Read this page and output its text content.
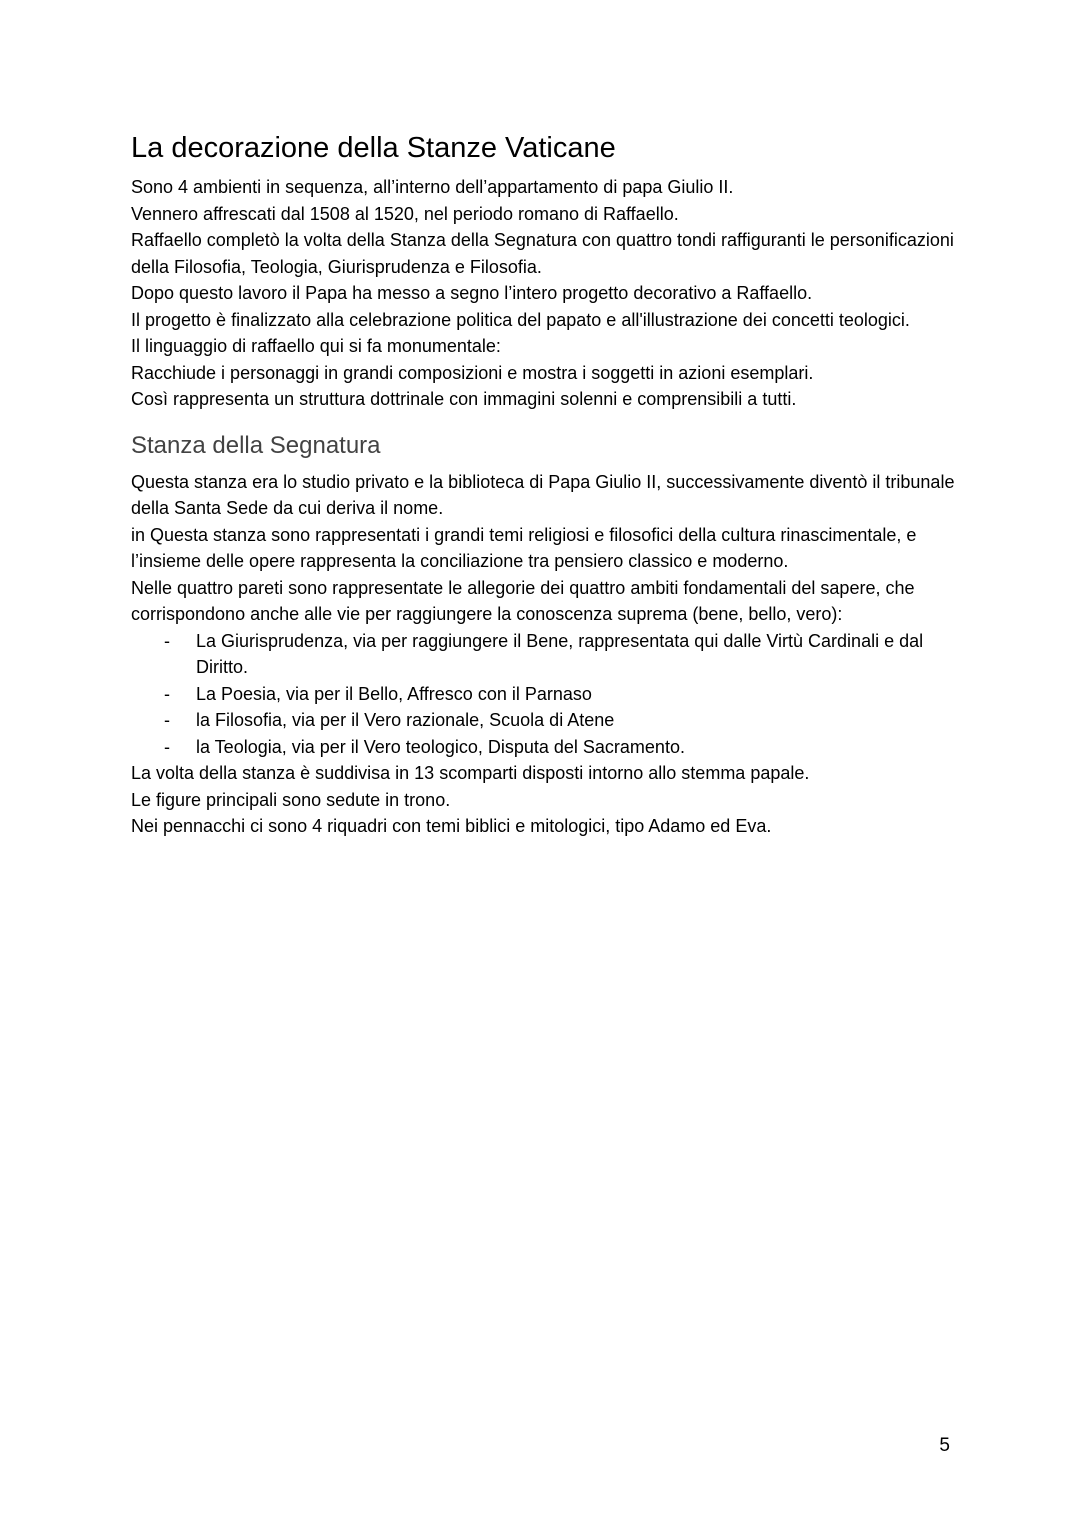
La decorazione della Stanze Vaticane

Sono 4 ambienti in sequenza, all’interno dell’appartamento di papa Giulio II.

Vennero affrescati dal 1508 al 1520, nel periodo romano di Raffaello.

Raffaello completò la volta della Stanza della Segnatura con quattro tondi raffiguranti le personificazioni della Filosofia, Teologia, Giurisprudenza e Filosofia.

Dopo questo lavoro il Papa ha messo a segno l’intero progetto decorativo a Raffaello.

Il progetto è finalizzato alla celebrazione politica del papato e all'illustrazione dei concetti teologici.

Il linguaggio di raffaello qui si fa monumentale:

Racchiude i personaggi in grandi composizioni e mostra i soggetti in azioni esemplari.

Così rappresenta un struttura dottrinale con immagini solenni e comprensibili a tutti.

Stanza della Segnatura

Questa stanza era lo studio privato e la biblioteca di Papa Giulio II, successivamente diventò il tribunale della Santa Sede da cui deriva il nome.

in Questa stanza sono rappresentati i grandi temi religiosi e filosofici della cultura rinascimentale, e l’insieme delle opere rappresenta la conciliazione tra pensiero classico e moderno.

Nelle quattro pareti sono rappresentate le allegorie dei quattro ambiti fondamentali del sapere, che corrispondono anche alle vie per raggiungere la conoscenza suprema (bene, bello, vero):

- La Giurisprudenza, via per raggiungere il Bene, rappresentata qui dalle Virtù Cardinali e dal Diritto.
- La Poesia, via per il Bello, Affresco con il Parnaso
- la Filosofia, via per il Vero razionale, Scuola di Atene
- la Teologia, via per il Vero teologico, Disputa del Sacramento.

La volta della stanza è suddivisa in 13 scomparti disposti intorno allo stemma papale.

Le figure principali sono sedute in trono.

Nei pennacchi ci sono 4 riquadri con temi biblici e mitologici, tipo Adamo ed Eva.

5
